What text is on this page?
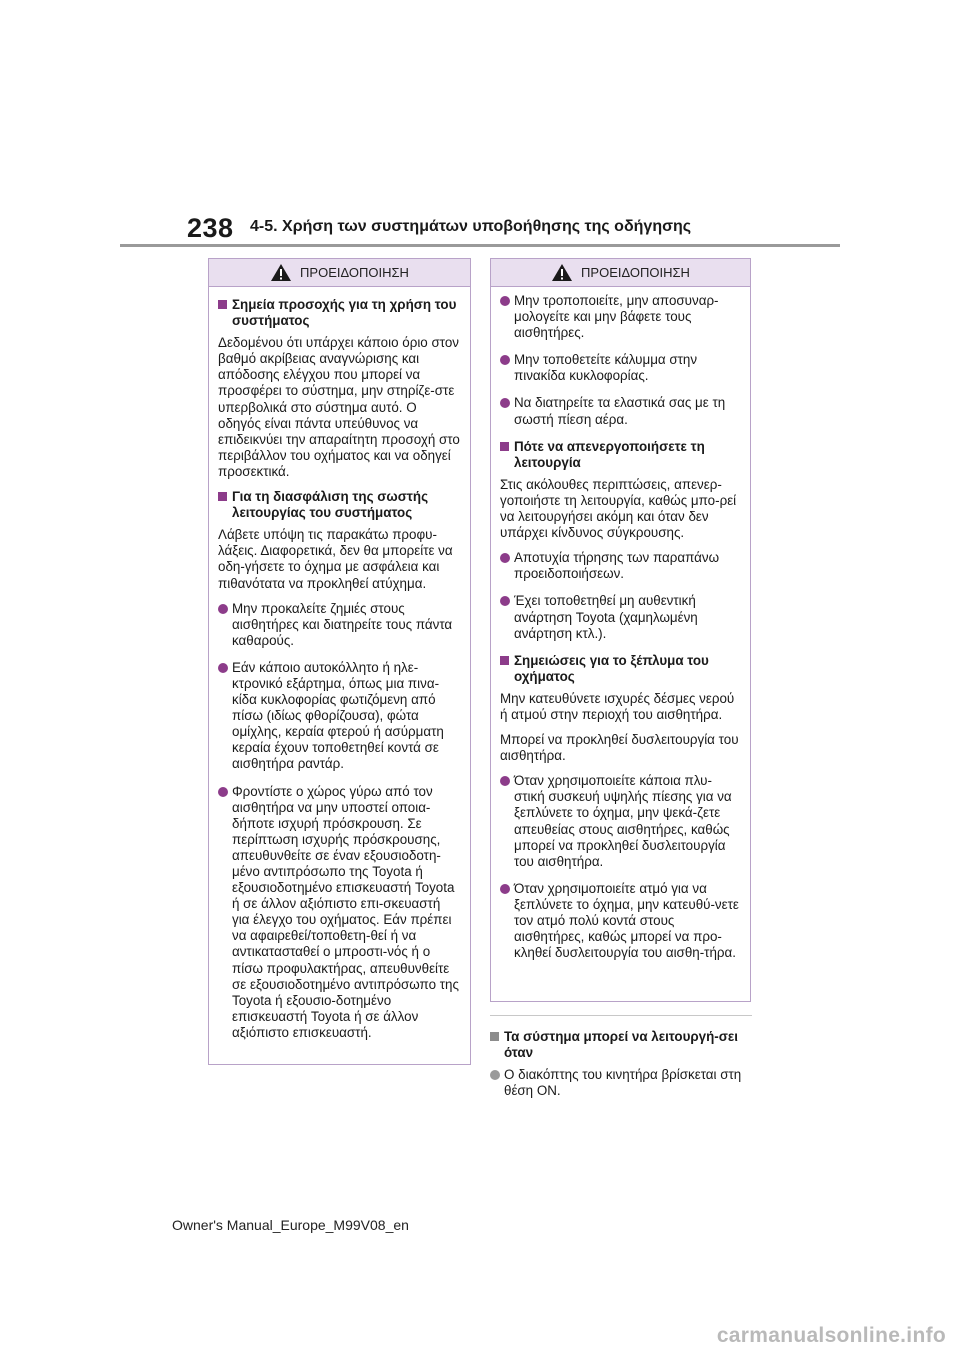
238 4-5. Χρήση των συστημάτων υποβοήθησης της οδήγησης
ΠΡΟΕΙΔΟΠΟΙΗΣΗ
Σημεία προσοχής για τη χρήση του συστήματος
Δεδομένου ότι υπάρχει κάποιο όριο στον βαθμό ακρίβειας αναγνώρισης και απόδοσης ελέγχου που μπορεί να προσφέρει το σύστημα, μην στηρίζε-στε υπερβολικά στο σύστημα αυτό. Ο οδηγός είναι πάντα υπεύθυνος να επιδεικνύει την απαραίτητη προσοχή στο περιβάλλον του οχήματος και να οδηγεί προσεκτικά.
Για τη διασφάλιση της σωστής λειτουργίας του συστήματος
Λάβετε υπόψη τις παρακάτω προφυ-λάξεις. Διαφορετικά, δεν θα μπορείτε να οδη-γήσετε το όχημα με ασφάλεια και πιθανότατα να προκληθεί ατύχημα.
Μην προκαλείτε ζημιές στους αισθητήρες και διατηρείτε τους πάντα καθαρούς.
Εάν κάποιο αυτοκόλλητο ή ηλε-κτρονικό εξάρτημα, όπως μια πινα-κίδα κυκλοφορίας φωτιζόμενη από πίσω (ιδίως φθορίζουσα), φώτα ομίχλης, κεραία φτερού ή ασύρματη κεραία έχουν τοποθετηθεί κοντά σε αισθητήρα ραντάρ.
Φροντίστε ο χώρος γύρω από τον αισθητήρα να μην υποστεί οποια-δήποτε ισχυρή πρόσκρουση. Σε περίπτωση ισχυρής πρόσκρουσης, απευθυνθείτε σε έναν εξουσιοδοτη-μένο αντιπρόσωπο της Toyota ή εξουσιοδοτημένο επισκευαστή Toyota ή σε άλλον αξιόπιστο επι-σκευαστή για έλεγχο του οχήματος. Εάν πρέπει να αφαιρεθεί/τοποθετη-θεί ή να αντικατασταθεί ο μπροστι-νός ή ο πίσω προφυλακτήρας, απευθυνθείτε σε εξουσιοδοτημένο αντιπρόσωπο της Toyota ή εξουσιο-δοτημένο επισκευαστή Toyota ή σε άλλον αξιόπιστο επισκευαστή.
ΠΡΟΕΙΔΟΠΟΙΗΣΗ
Μην τροποποιείτε, μην αποσυναρ-μολογείτε και μην βάφετε τους αισθητήρες.
Μην τοποθετείτε κάλυμμα στην πινακίδα κυκλοφορίας.
Να διατηρείτε τα ελαστικά σας με τη σωστή πίεση αέρα.
Πότε να απενεργοποιήσετε τη λειτουργία
Στις ακόλουθες περιπτώσεις, απενερ-γοποιήστε τη λειτουργία, καθώς μπο-ρεί να λειτουργήσει ακόμη και όταν δεν υπάρχει κίνδυνος σύγκρουσης.
Αποτυχία τήρησης των παραπάνω προειδοποιήσεων.
Έχει τοποθετηθεί μη αυθεντική ανάρτηση Toyota (χαμηλωμένη ανάρτηση κτλ.).
Σημειώσεις για το ξέπλυμα του οχήματος
Μην κατευθύνετε ισχυρές δέσμες νερού ή ατμού στην περιοχή του αισθητήρα.
Μπορεί να προκληθεί δυσλειτουργία του αισθητήρα.
Όταν χρησιμοποιείτε κάποια πλυ-στική συσκευή υψηλής πίεσης για να ξεπλύνετε το όχημα, μην ψεκά-ζετε απευθείας στους αισθητήρες, καθώς μπορεί να προκληθεί δυσλειτουργία του αισθητήρα.
Όταν χρησιμοποιείτε ατμό για να ξεπλύνετε το όχημα, μην κατευθύ-νετε τον ατμό πολύ κοντά στους αισθητήρες, καθώς μπορεί να προ-κληθεί δυσλειτουργία του αισθη-τήρα.
Τα σύστημα μπορεί να λειτουργή-σει όταν
Ο διακόπτης του κινητήρα βρίσκεται στη θέση ON.
Owner's Manual_Europe_M99V08_en
carmanualsonline.info
